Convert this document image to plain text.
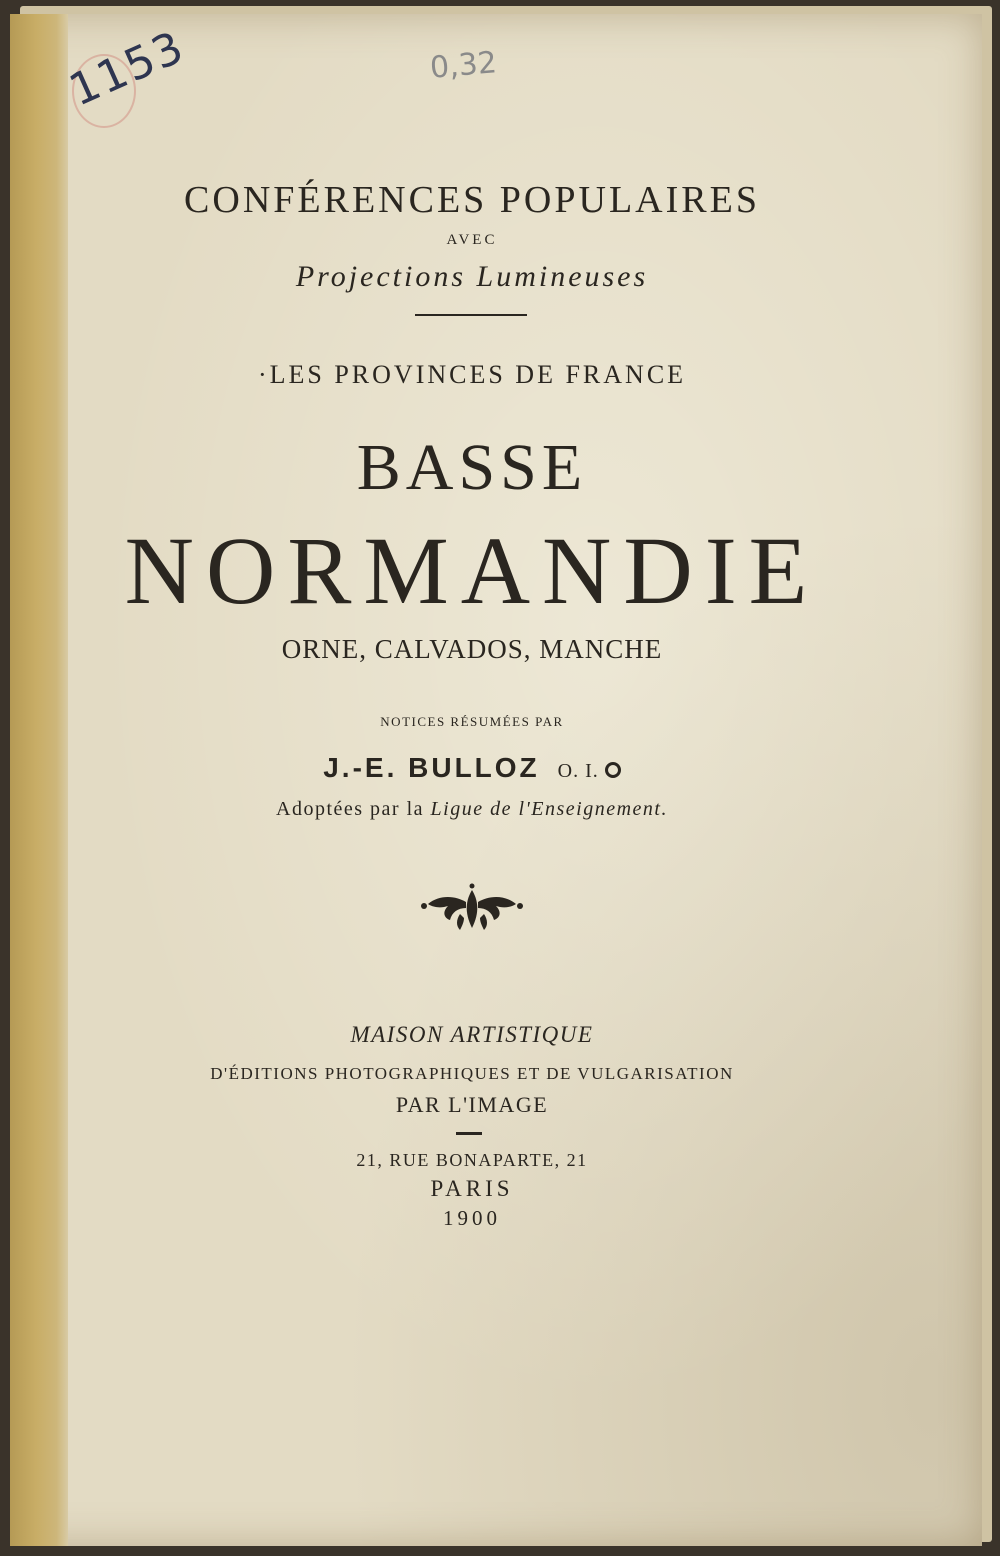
1153	0,32
CONFÉRENCES POPULAIRES
AVEC
Projections Lumineuses
·LES PROVINCES DE FRANCE
BASSE
NORMANDIE
ORNE, CALVADOS, MANCHE
NOTICES RÉSUMÉES PAR
J.-E. BULLOZ O. I.
Adoptées par la Ligue de l'Enseignement.
MAISON ARTISTIQUE
D'ÉDITIONS PHOTOGRAPHIQUES ET DE VULGARISATION
PAR L'IMAGE
21, RUE BONAPARTE, 21
PARIS
1900
